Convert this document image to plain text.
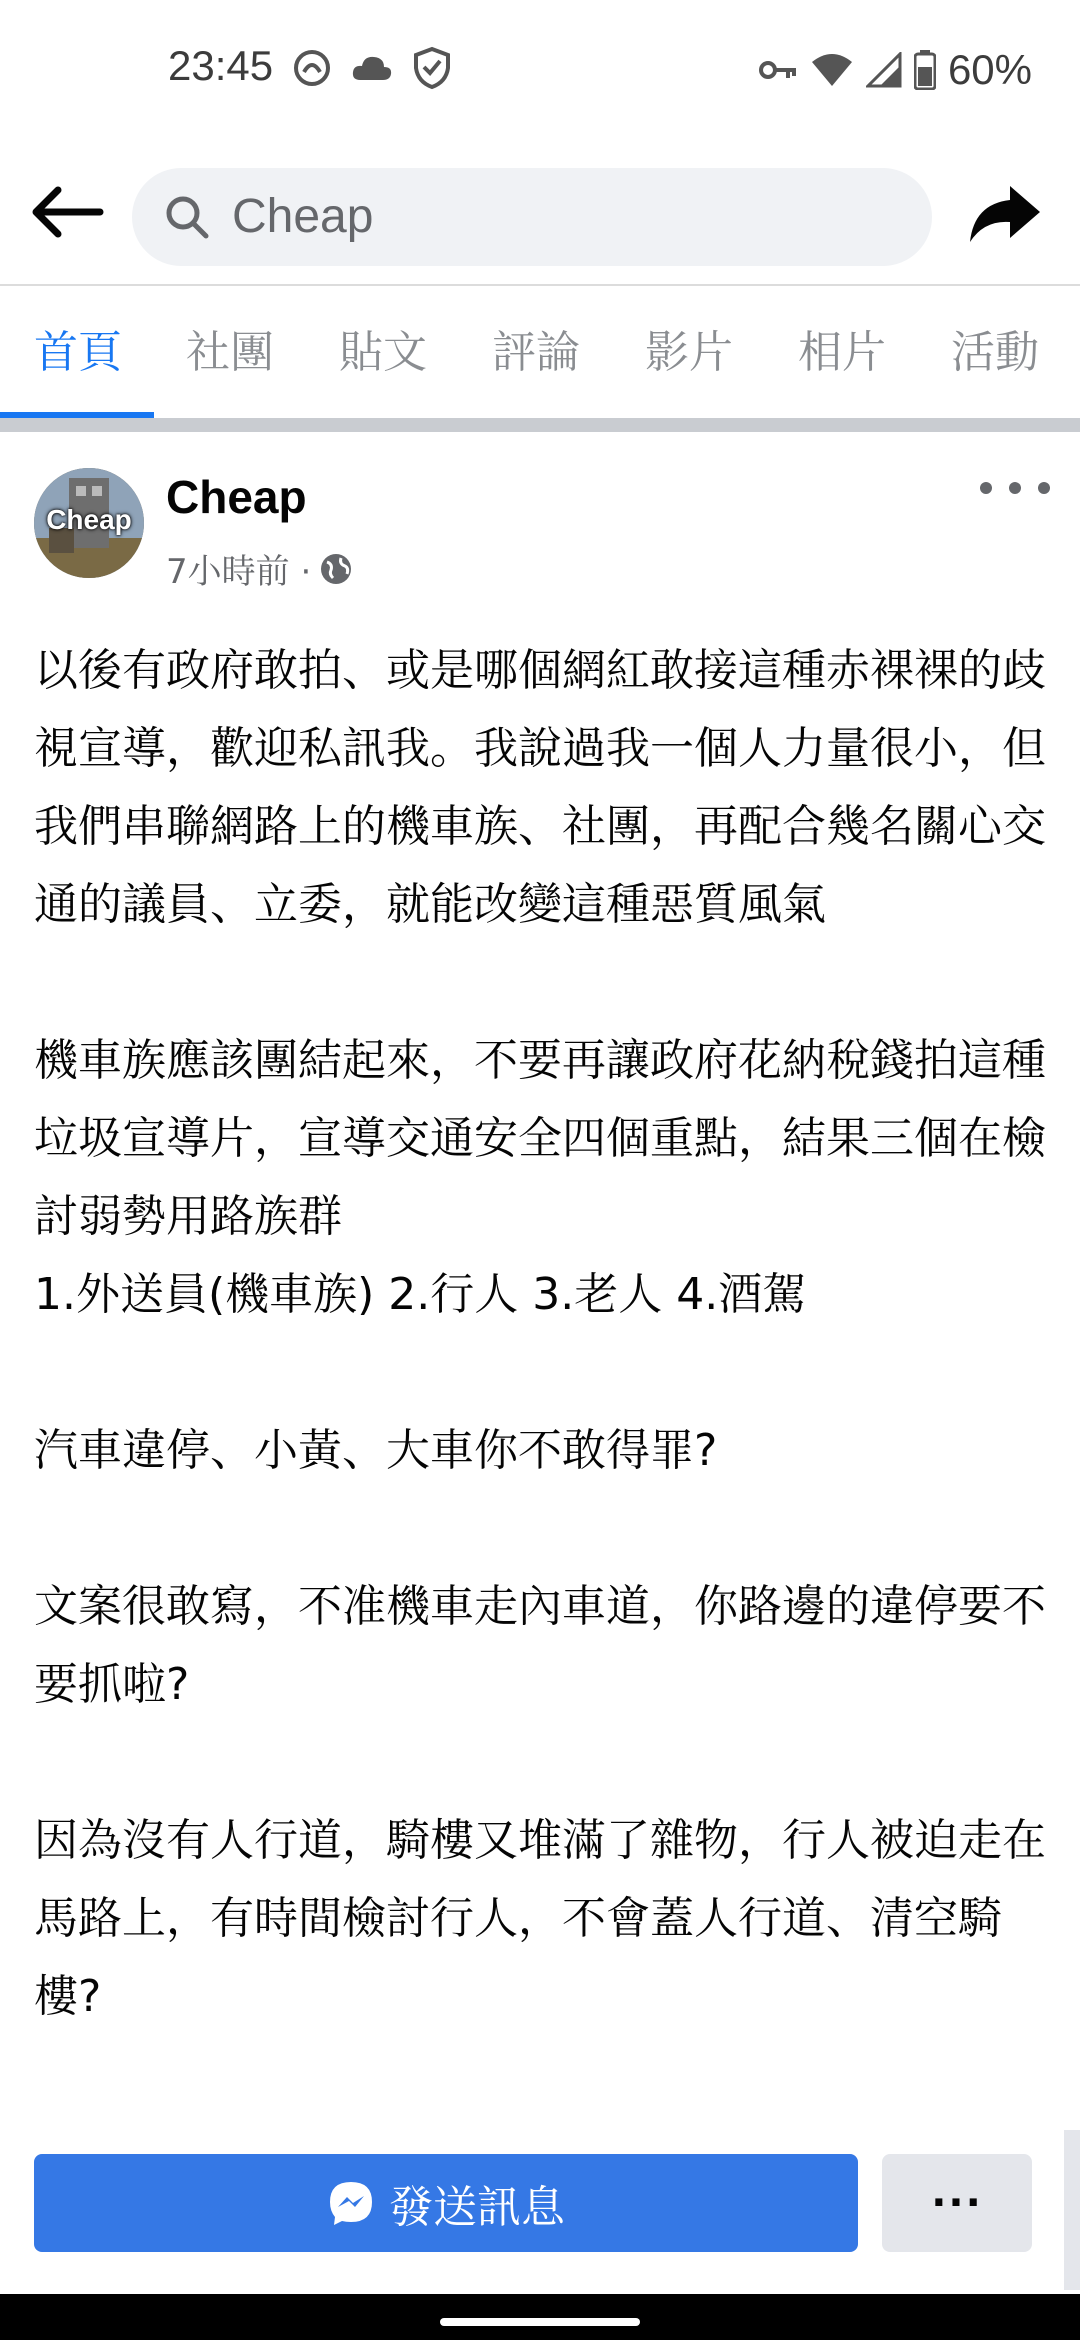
23:45	60%
Cheap
首頁 社團 貼文 評論 影片 相片 活動
Cheap Cheap
7小時前 ·

以後有政府敢拍、或是哪個網紅敢接這種赤裸裸的歧視宣導，歡迎私訊我。我說過我一個人力量很小，但我們串聯網路上的機車族、社團，再配合幾名關心交通的議員、立委，就能改變這種惡質風氣

機車族應該團結起來，不要再讓政府花納稅錢拍這種垃圾宣導片，宣導交通安全四個重點，結果三個在檢討弱勢用路族群

1.外送員(機車族) 2.行人 3.老人 4.酒駕

汽車違停、小黃、大車你不敢得罪?

文案很敢寫，不准機車走內車道，你路邊的違停要不要抓啦?

因為沒有人行道，騎樓又堆滿了雜物，行人被迫走在馬路上，有時間檢討行人，不會蓋人行道、清空騎樓?

發送訊息	···
